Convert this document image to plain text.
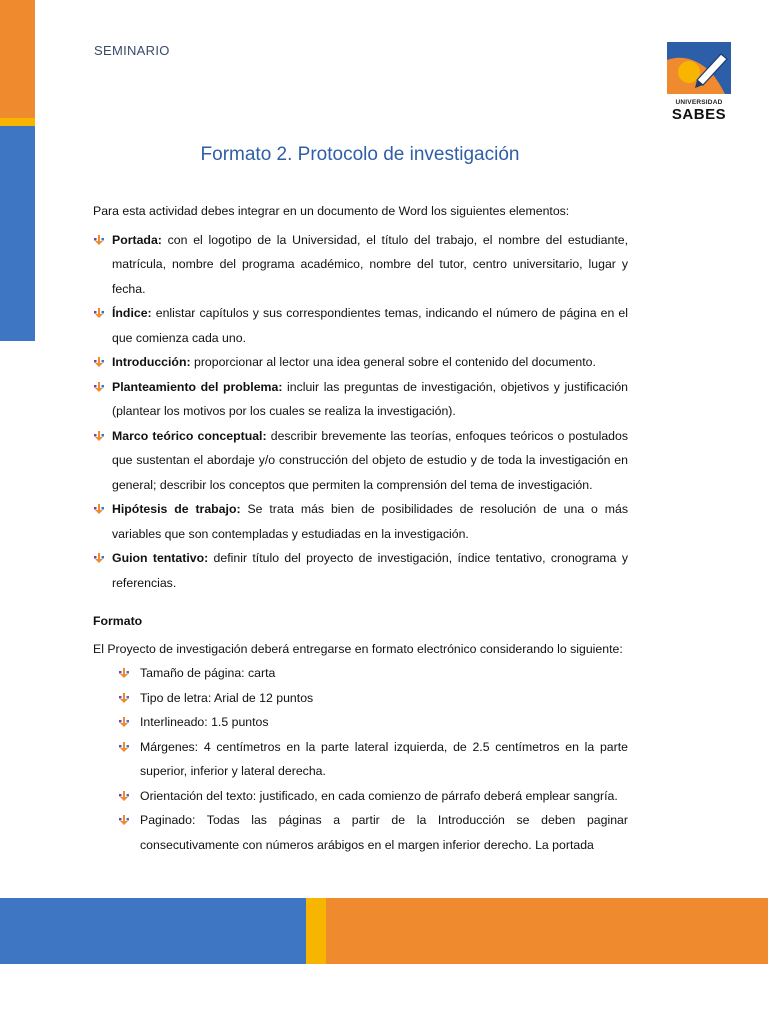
SEMINARIO
UNIVERSIDAD
SABES
Formato 2. Protocolo de investigación

Para esta actividad debes integrar en un documento de Word los siguientes elementos:

Portada: con el logotipo de la Universidad, el título del trabajo, el nombre del estudiante, matrícula, nombre del programa académico, nombre del tutor, centro universitario, lugar y fecha.
Índice: enlistar capítulos y sus correspondientes temas, indicando el número de página en el que comienza cada uno.
Introducción: proporcionar al lector una idea general sobre el contenido del documento.
Planteamiento del problema: incluir las preguntas de investigación, objetivos y justificación (plantear los motivos por los cuales se realiza la investigación).
Marco teórico conceptual: describir brevemente las teorías, enfoques teóricos o postulados que sustentan el abordaje y/o construcción del objeto de estudio y de toda la investigación en general; describir los conceptos que permiten la comprensión del tema de investigación.
Hipótesis de trabajo: Se trata más bien de posibilidades de resolución de una o más variables que son contempladas y estudiadas en la investigación.
Guion tentativo: definir título del proyecto de investigación, índice tentativo, cronograma y referencias.

Formato

El Proyecto de investigación deberá entregarse en formato electrónico considerando lo siguiente:

Tamaño de página: carta
Tipo de letra: Arial de 12 puntos
Interlineado: 1.5 puntos
Márgenes: 4 centímetros en la parte lateral izquierda, de 2.5 centímetros en la parte superior, inferior y lateral derecha.
Orientación del texto: justificado, en cada comienzo de párrafo deberá emplear sangría.
Paginado: Todas las páginas a partir de la Introducción se deben paginar consecutivamente con números arábigos en el margen inferior derecho. La portada
